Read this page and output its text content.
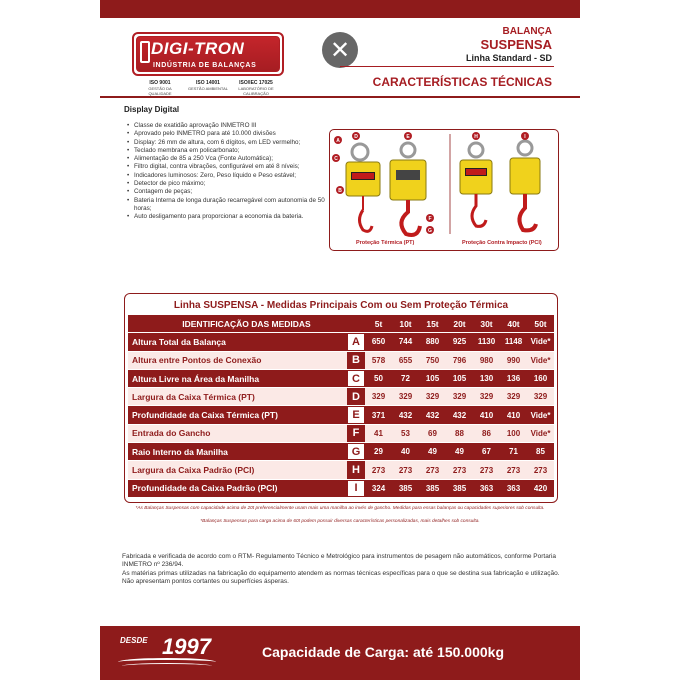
DIGI-TRON
INDÚSTRIA DE BALANÇAS
ISO 9001
GESTÃO DA QUALIDADE
ISO 14001
GESTÃO AMBIENTAL
ISO/IEC 17025
LABORATÓRIO DE CALIBRAÇÃO
✕
BALANÇA
SUSPENSA
Linha Standard - SD
CARACTERÍSTICAS TÉCNICAS
Display Digital
• Classe de exatidão aprovação INMETRO III
• Aprovado pelo INMETRO para até 10.000 divisões
• Display: 26 mm de altura, com 6 dígitos, em LED vermelho;
• Teclado membrana em policarbonato;
• Alimentação de 85 a 250 Vca (Fonte Automática);
• Filtro digital, contra vibrações, configurável em até 8 níveis;
• Indicadores luminosos: Zero, Peso líquido e Peso estável;
• Detector de pico máximo;
• Contagem de peças;
• Bateria Interna de longa duração recarregável com autonomia de 50 horas;
• Auto desligamento para proporcionar a economia da bateria.
A
D	E
B
C
F
G
H	I
Proteção Térmica (PT)	Proteção Contra Impacto (PCI)
Linha SUSPENSA - Medidas Principais Com ou Sem Proteção Térmica
IDENTIFICAÇÃO DAS MEDIDAS		5t	10t	15t	20t	30t	40t	50t
Altura Total da Balança	A	650	744	880	925	1130	1148	Vide*
Altura entre Pontos de Conexão	B	578	655	750	796	980	990	Vide*
Altura Livre na Área da Manilha	C	50	72	105	105	130	136	160
Largura da Caixa Térmica (PT)	D	329	329	329	329	329	329	329
Profundidade da Caixa Térmica (PT)	E	371	432	432	432	410	410	Vide*
Entrada do Gancho	F	41	53	69	88	86	100	Vide*
Raio Interno da Manilha	G	29	40	49	49	67	71	85
Largura da Caixa Padrão (PCI)	H	273	273	273	273	273	273	273
Profundidade da Caixa Padrão (PCI)	I	324	385	385	385	363	363	420
*As Balanças Suspensas com capacidade acima de 20t preferencialmente usam mais uma manilha ao invés de gancho. Medidas para essas balanças ou capacidades superiores sob consulta.
*Balanças Suspensas para carga acima de 60t podem possuir diversas características personalizadas, mais detalhes sob consulta.

Fabricada e verificada de acordo com o RTM- Regulamento Técnico e Metrológico para instrumentos de pesagem não automáticos, conforme Portaria INMETRO nº 236/94.

As matérias primas utilizadas na fabricação do equipamento atendem as normas técnicas específicas para o que se destina sua fabricação e utilização.

Não apresentam pontos cortantes ou superfícies ásperas.

DESDE 1997	Capacidade de Carga: até 150.000kg
